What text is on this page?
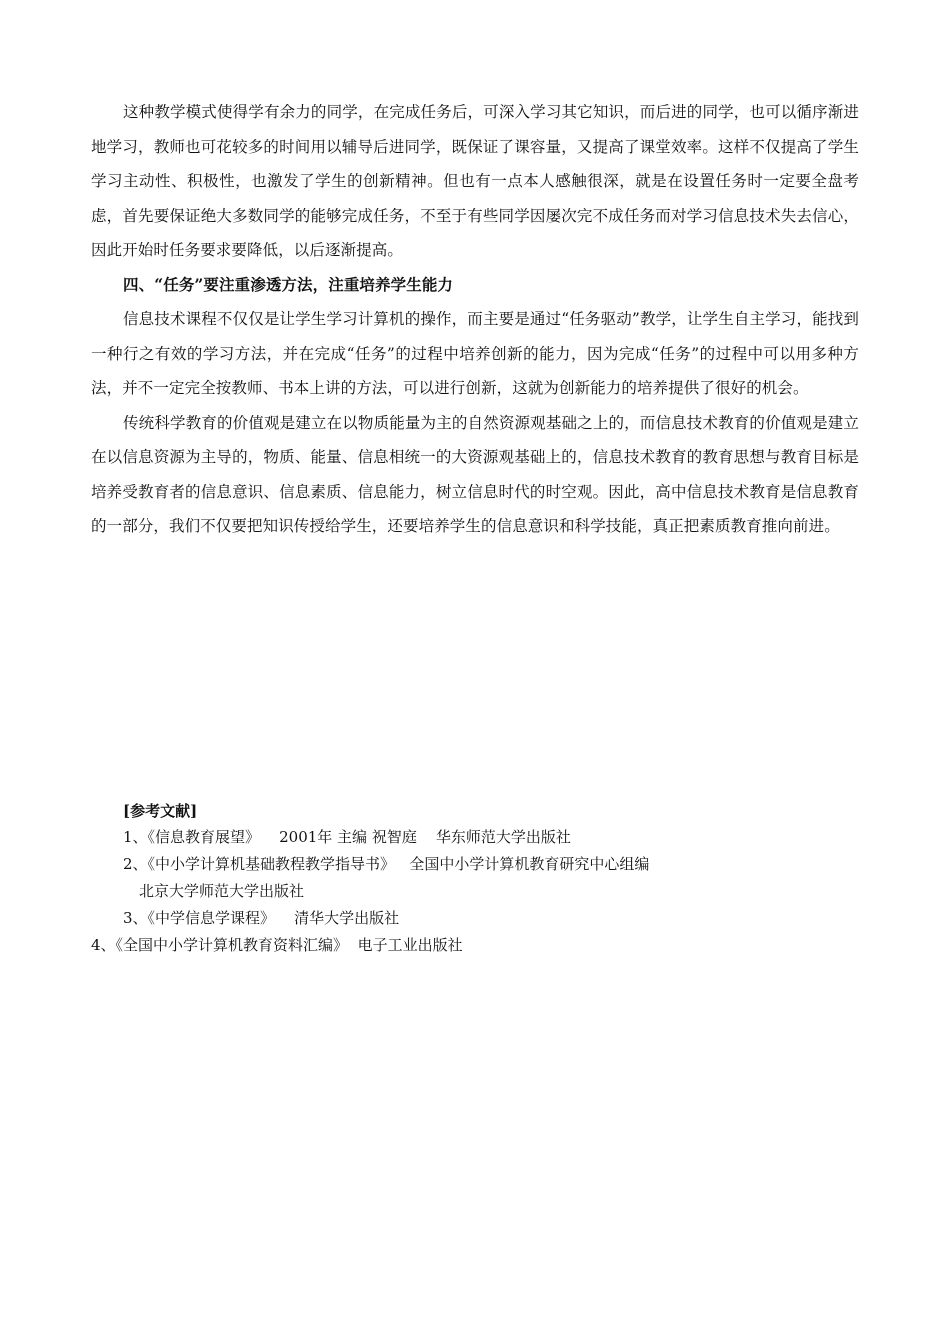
这种教学模式使得学有余力的同学，在完成任务后，可深入学习其它知识，而后进的同学，也可以循序渐进地学习，教师也可花较多的时间用以辅导后进同学，既保证了课容量，又提高了课堂效率。这样不仅提高了学生学习主动性、积极性，也激发了学生的创新精神。但也有一点本人感触很深，就是在设置任务时一定要全盘考虑，首先要保证绝大多数同学的能够完成任务，不至于有些同学因屡次完不成任务而对学习信息技术失去信心，因此开始时任务要求要降低，以后逐渐提高。

四、“任务”要注重渗透方法，注重培养学生能力

信息技术课程不仅仅是让学生学习计算机的操作，而主要是通过“任务驱动”教学，让学生自主学习，能找到一种行之有效的学习方法，并在完成“任务”的过程中培养创新的能力，因为完成“任务”的过程中可以用多种方法，并不一定完全按教师、书本上讲的方法，可以进行创新，这就为创新能力的培养提供了很好的机会。

传统科学教育的价值观是建立在以物质能量为主的自然资源观基础之上的，而信息技术教育的价值观是建立在以信息资源为主导的，物质、能量、信息相统一的大资源观基础上的，信息技术教育的教育思想与教育目标是培养受教育者的信息意识、信息素质、信息能力，树立信息时代的时空观。因此，高中信息技术教育是信息教育的一部分，我们不仅要把知识传授给学生，还要培养学生的信息意识和科学技能，真正把素质教育推向前进。

[参考文献]
1、《信息教育展望》    2001年 主编 祝智庭    华东师范大学出版社
2、《中小学计算机基础教程教学指导书》   全国中小学计算机教育研究中心组编
北京大学师范大学出版社
3、《中学信息学课程》    清华大学出版社
4、《全国中小学计算机教育资料汇编》  电子工业出版社
